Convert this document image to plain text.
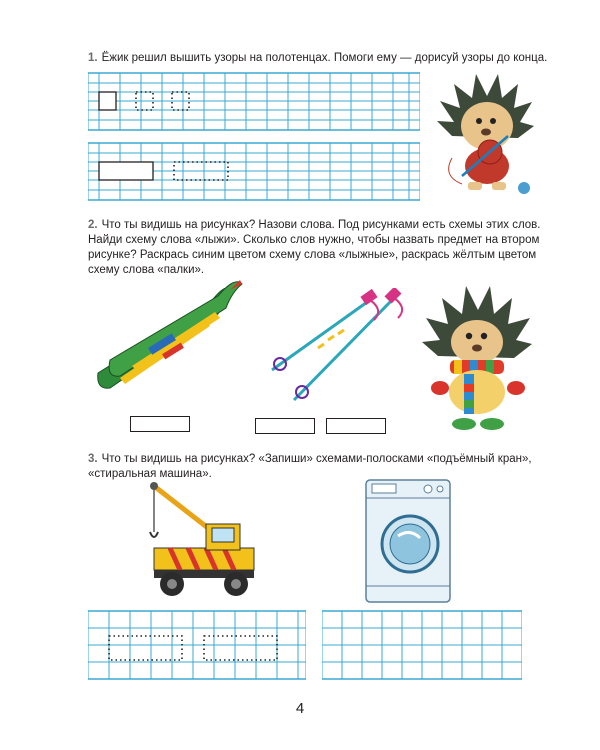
1. Ёжик решил вышить узоры на полотенцах. Помоги ему — дорисуй узоры до конца.

2. Что ты видишь на рисунках? Назови слова. Под рисунками есть схемы этих слов.

Найди схему слова «лыжи». Сколько слов нужно, чтобы назвать предмет на втором

рисунке? Раскрась синим цветом схему слова «лыжные», раскрась жёлтым цветом

схему слова «палки».

3. Что ты видишь на рисунках? «Запиши» схемами-полосками «подъёмный кран»,

«стиральная машина».

4
